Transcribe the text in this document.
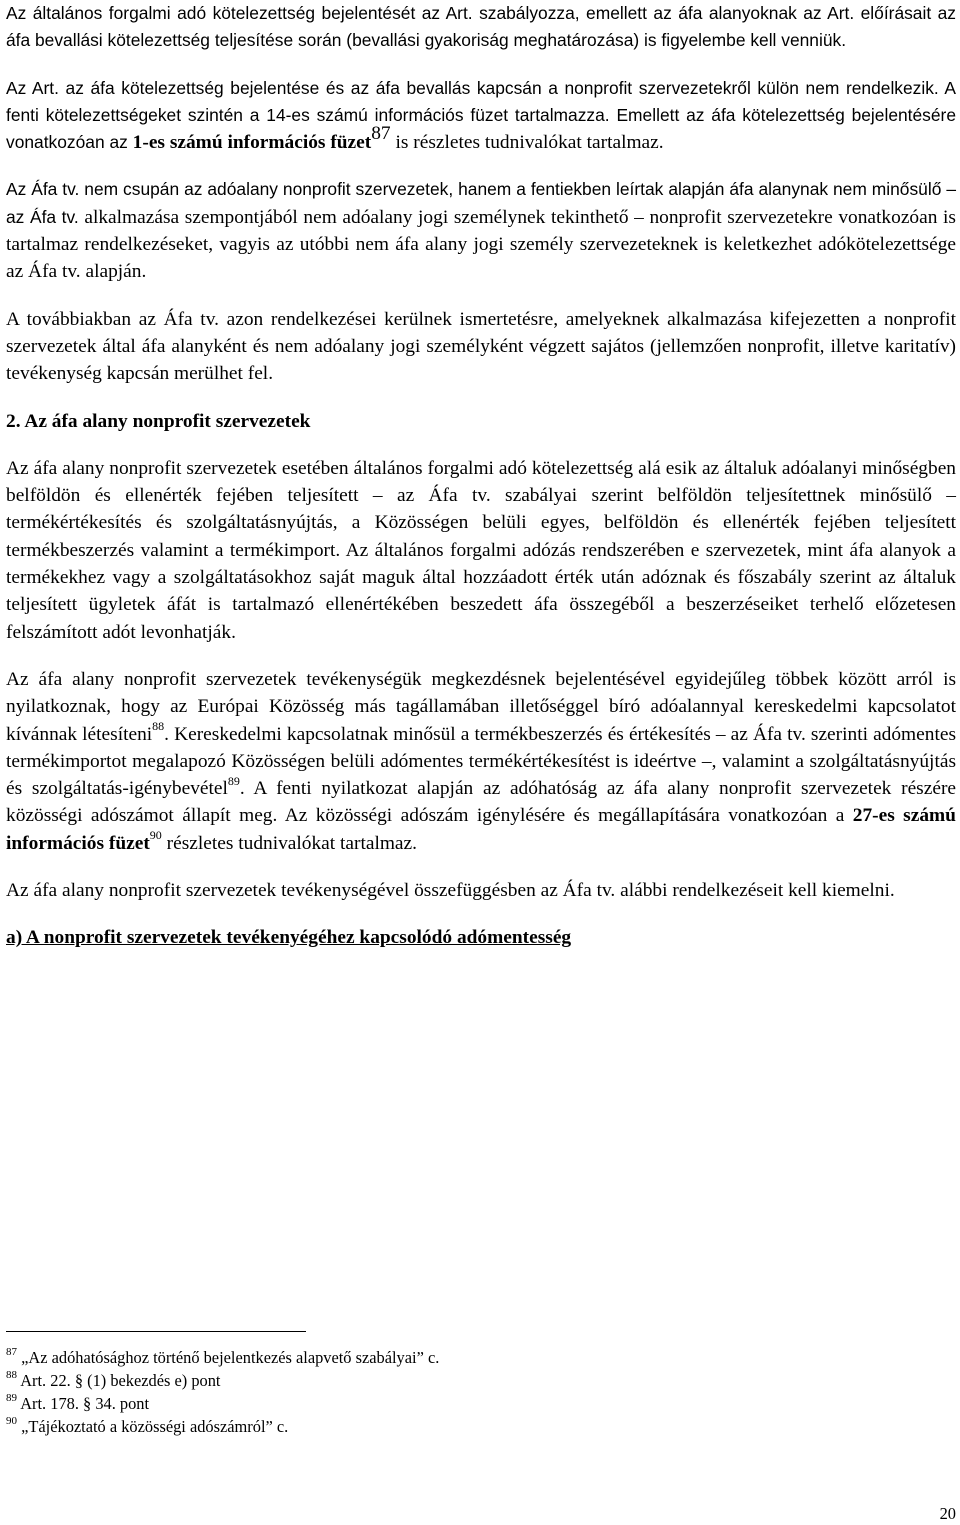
Az általános forgalmi adó kötelezettség bejelentését az Art. szabályozza, emellett az áfa alanyoknak az Art. előírásait az áfa bevallási kötelezettség teljesítése során (bevallási gyakoriság meghatározása) is figyelembe kell venniük.

Az Art. az áfa kötelezettség bejelentése és az áfa bevallás kapcsán a nonprofit szervezetekről külön nem rendelkezik. A fenti kötelezettségeket szintén a 14-es számú információs füzet tartalmazza. Emellett az áfa kötelezettség bejelentésére vonatkozóan az 1-es számú információs füzet$^{87}$ is részletes tudnivalókat tartalmaz.

Az Áfa tv. nem csupán az adóalany nonprofit szervezetek, hanem a fentiekben leírtak alapján áfa alanynak nem minősülő – az Áfa tv. alkalmazása szempontjából nem adóalany jogi személynek tekinthető – nonprofit szervezetekre vonatkozóan is tartalmaz rendelkezéseket, vagyis az utóbbi nem áfa alany jogi személy szervezeteknek is keletkezhet adókötelezettsége az Áfa tv. alapján.

A továbbiakban az Áfa tv. azon rendelkezései kerülnek ismertetésre, amelyeknek alkalmazása kifejezetten a nonprofit szervezetek által áfa alanyként és nem adóalany jogi személyként végzett sajátos (jellemzően nonprofit, illetve karitatív) tevékenység kapcsán merülhet fel.

2. Az áfa alany nonprofit szervezetek

Az áfa alany nonprofit szervezetek esetében általános forgalmi adó kötelezettség alá esik az általuk adóalanyi minőségben belföldön és ellenérték fejében teljesített – az Áfa tv. szabályai szerint belföldön teljesítettnek minősülő – termékértékesítés és szolgáltatásnyújtás, a Közösségen belüli egyes, belföldön és ellenérték fejében teljesített termékbeszerzés valamint a termékimport. Az általános forgalmi adózás rendszerében e szervezetek, mint áfa alanyok a termékekhez vagy a szolgáltatásokhoz saját maguk által hozzáadott érték után adóznak és főszabály szerint az általuk teljesített ügyletek áfát is tartalmazó ellenértékében beszedett áfa összegéből a beszerzéseiket terhelő előzetesen felszámított adót levonhatják.

Az áfa alany nonprofit szervezetek tevékenységük megkezdésnek bejelentésével egyidejűleg többek között arról is nyilatkoznak, hogy az Európai Közösség más tagállamában illetőséggel bíró adóalannyal kereskedelmi kapcsolatot kívánnak létesíteni$^{88}$. Kereskedelmi kapcsolatnak minősül a termékbeszerzés és értékesítés – az Áfa tv. szerinti adómentes termékimportot megalapozó Közösségen belüli adómentes termékértékesítést is ideértve –, valamint a szolgáltatásnyújtás és szolgáltatás-igénybevétel$^{89}$. A fenti nyilatkozat alapján az adóhatóság az áfa alany nonprofit szervezetek részére közösségi adószámot állapít meg. Az közösségi adószám igénylésére és megállapítására vonatkozóan a 27-es számú információs füzet$^{90}$ részletes tudnivalókat tartalmaz.

Az áfa alany nonprofit szervezetek tevékenységével összefüggésben az Áfa tv. alábbi rendelkezéseit kell kiemelni.

a) A nonprofit szervezetek tevékenyégéhez kapcsolódó adómentesség
$^{87}$ „Az adóhatósághoz történő bejelentkezés alapvető szabályai” c.
$^{88}$ Art. 22. § (1) bekezdés e) pont
$^{89}$ Art. 178. § 34. pont
$^{90}$ „Tájékoztató a közösségi adószámról” c.
20
